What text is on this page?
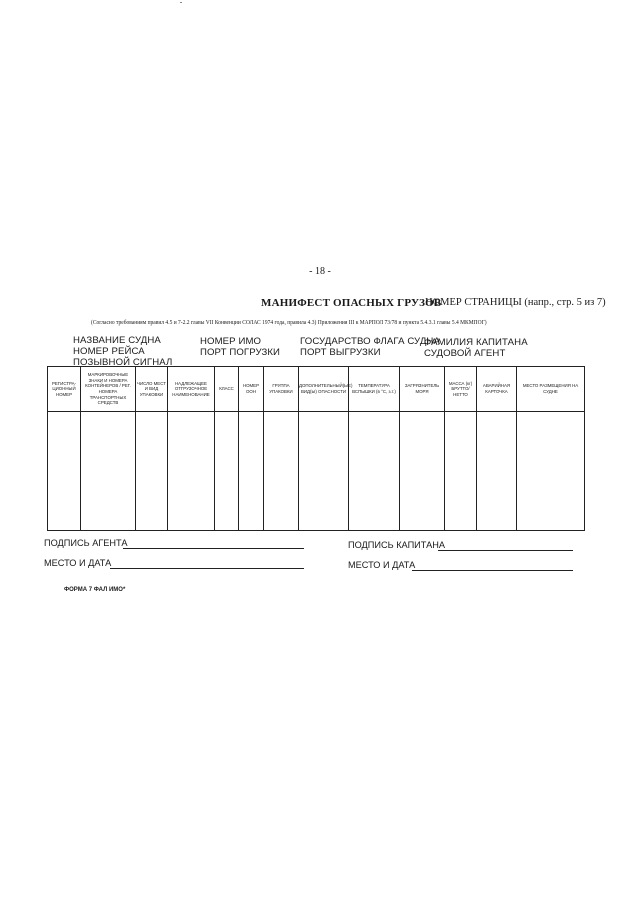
- 18 -
МАНИФЕСТ ОПАСНЫХ ГРУЗОВ
НОМЕР СТРАНИЦЫ (напр., стр. 5 из 7)
(Согласно требованиям правил 4.5 и 7-2.2 главы VII Конвенции СОЛАС 1974 года, правила 4.3) Приложения III к МАРПОЛ 73/78 и пункта 5.4.3.1 главы 5.4 МКМПОГ)
НАЗВАНИЕ СУДНА
НОМЕР РЕЙСА
ПОЗЫВНОЙ СИГНАЛ
НОМЕР ИМО
ПОРТ ПОГРУЗКИ
ГОСУДАРСТВО ФЛАГА СУДНА
ПОРТ ВЫГРУЗКИ
ФАМИЛИЯ КАПИТАНА
СУДОВОЙ АГЕНТ
РЕГИСТРА-ЦИОННЫЙ НОМЕР	МАРКИРОВОЧНЫЕ ЗНАКИ И НОМЕРА КОНТЕЙНЕРОВ / РЕГ. НОМЕРА ТРАНСПОРТНЫХ СРЕДСТВ	ЧИСЛО МЕСТ И ВИД УПАКОВКИ	НАДЛЕЖАЩЕЕ ОТГРУЗОЧНОЕ НАИМЕНОВАНИЕ	КЛАСС	НОМЕР ООН	ГРУППА УПАКОВКИ	ДОПОЛНИТЕЛЬНЫЙ(ЫЕ) ВИД(Ы) ОПАСНОСТИ	ТЕМПЕРАТУРА ВСПЫШКИ (в °С, з.т.)	ЗАГРЯЗНИТЕЛЬ МОРЯ	МАССА (кг) БРУТТО/НЕТТО	АВАРИЙНАЯ КАРТОЧКА	МЕСТО РАЗМЕЩЕНИЯ НА СУДНЕ

ПОДПИСЬ АГЕНТА
МЕСТО И ДАТА
ПОДПИСЬ КАПИТАНА
МЕСТО И ДАТА
ФОРМА 7 ФАЛ ИМО*
